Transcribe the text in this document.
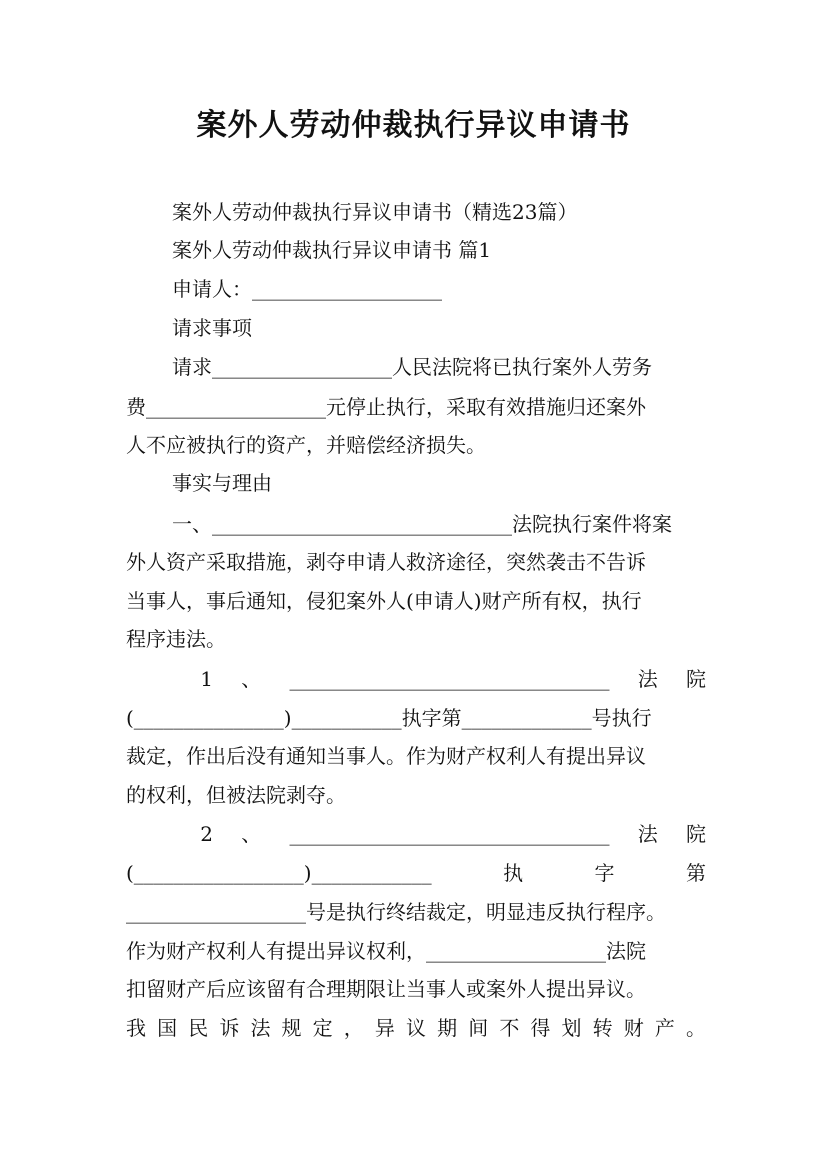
案外人劳动仲裁执行异议申请书
案外人劳动仲裁执行异议申请书（精选23篇）
案外人劳动仲裁执行异议申请书 篇1
申请人：___________________
请求事项
请求__________________人民法院将已执行案外人劳务
费__________________元停止执行，采取有效措施归还案外
人不应被执行的资产，并赔偿经济损失。
事实与理由
一、______________________________法院执行案件将案
外人资产采取措施，剥夺申请人救济途径，突然袭击不告诉
当事人，事后通知，侵犯案外人(申请人)财产所有权，执行
程序违法。
1 、 ________________________________ 法 院
(_______________)___________执字第_____________号执行
裁定，作出后没有通知当事人。作为财产权利人有提出异议
的权利，但被法院剥夺。
2 、 ________________________________ 法 院
(_________________)____________	执	字	第
__________________号是执行终结裁定，明显违反执行程序。
作为财产权利人有提出异议权利，__________________法院
扣留财产后应该留有合理期限让当事人或案外人提出异议。
我 国 民 诉 法 规 定 ， 异 议 期 间 不 得 划 转 财 产 。
